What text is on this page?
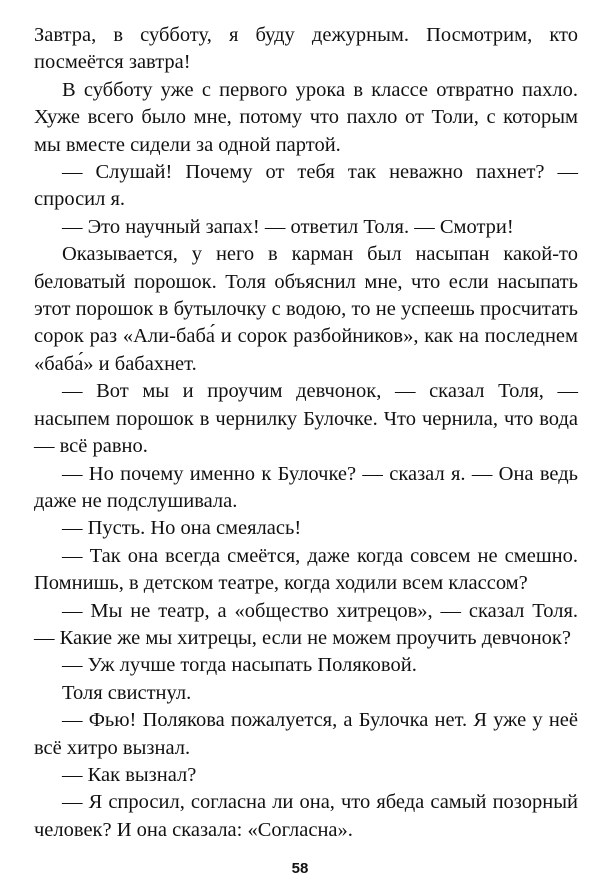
Завтра, в субботу, я буду дежурным. Посмотрим, кто посмеётся завтра!

В субботу уже с первого урока в классе отвратно пахло. Хуже всего было мне, потому что пахло от Толи, с которым мы вместе сидели за одной партой.

— Слушай! Почему от тебя так неважно пахнет? — спросил я.

— Это научный запах! — ответил Толя. — Смотри!

Оказывается, у него в карман был насыпан какой-то беловатый порошок. Толя объяснил мне, что если насыпать этот порошок в бутылочку с водою, то не успеешь просчитать сорок раз «Али-баба́ и сорок разбойников», как на последнем «баба́» и бабахнет.

— Вот мы и проучим девчонок, — сказал Толя, — насыпем порошок в чернилку Булочке. Что чернила, что вода — всё равно.

— Но почему именно к Булочке? — сказал я. — Она ведь даже не подслушивала.

— Пусть. Но она смеялась!

— Так она всегда смеётся, даже когда совсем не смешно. Помнишь, в детском театре, когда ходили всем классом?

— Мы не театр, а «общество хитрецов», — сказал Толя. — Какие же мы хитрецы, если не можем проучить девчонок?

— Уж лучше тогда насыпать Поляковой.

Толя свистнул.

— Фью! Полякова пожалуется, а Булочка нет. Я уже у неё всё хитро вызнал.

— Как вызнал?

— Я спросил, согласна ли она, что ябеда самый позорный человек? И она сказала: «Согласна».

58
